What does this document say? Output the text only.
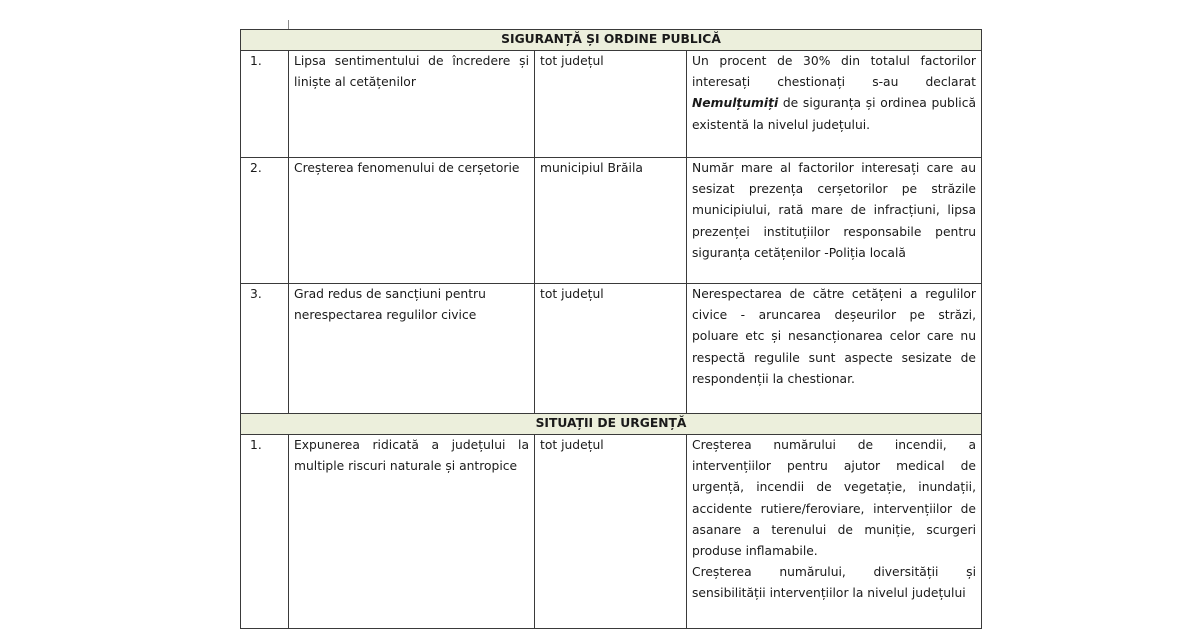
SIGURANȚĂ ȘI ORDINE PUBLICĂ			
1.	Lipsa sentimentului de încredere și liniște al cetățenilor	tot județul	Un procent de 30% din totalul factorilor interesați chestionați s-au declarat Nemulțumiți de siguranța și ordinea publică existentă la nivelul județului.
2.	Creșterea fenomenului de cerșetorie	municipiul Brăila	Număr mare al factorilor interesați care au sesizat prezența cerșetorilor pe străzile municipiului, rată mare de infracțiuni, lipsa prezenței instituțiilor responsabile pentru siguranța cetățenilor -Poliția locală
3.	Grad redus de sancțiuni pentru nerespectarea regulilor civice	tot județul	Nerespectarea de către cetățeni a regulilor civice - aruncarea deșeurilor pe străzi, poluare etc și nesancționarea celor care nu respectă regulile sunt aspecte sesizate de respondenții la chestionar.
SITUAȚII DE URGENȚĂ			
1.	Expunerea ridicată a județului la multiple riscuri naturale și antropice	tot județul	Creșterea numărului de incendii, a intervențiilor pentru ajutor medical de urgență, incendii de vegetație, inundații, accidente rutiere/feroviare, intervențiilor de asanare a terenului de muniție, scurgeri produse inflamabile.
Creșterea numărului, diversității și sensibilității intervențiilor la nivelul județului
